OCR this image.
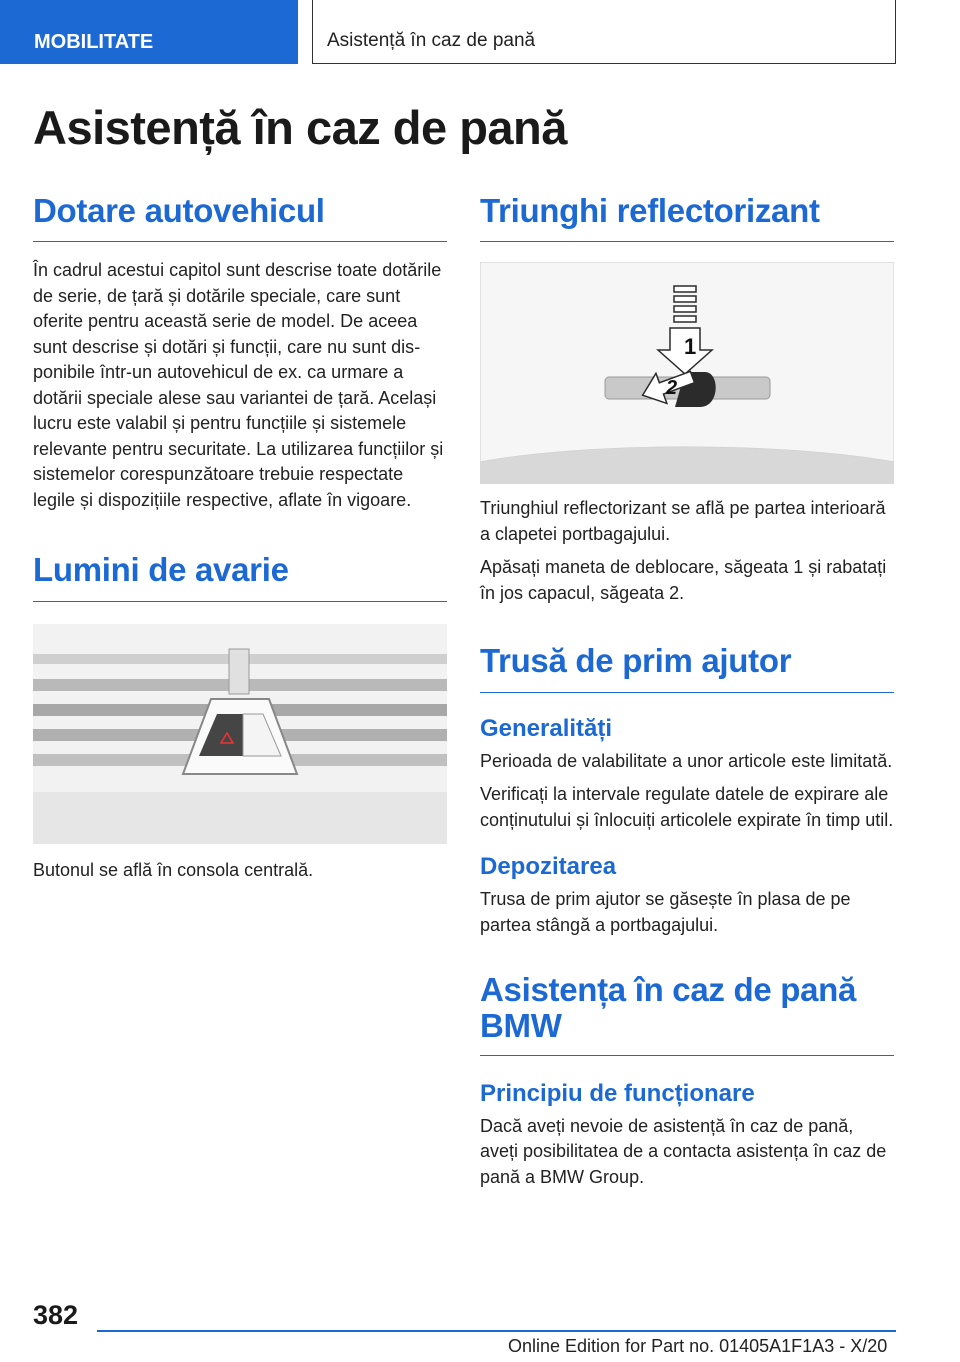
MOBILITATE	Asistență în caz de pană
Asistență în caz de pană
Dotare autovehicul

În cadrul acestui capitol sunt descrise toate dotările de serie, de țară și dotările speciale, care sunt oferite pentru această serie de model. De aceea sunt descrise și dotări și funcții, care nu sunt disponibile într-un autovehicul de ex. ca urmare a dotării speciale alese sau variantei de țară. Același lucru este valabil și pentru funcțiile și sistemele relevante pentru securitate. La utilizarea funcțiilor și sistemelor corespunzătoare trebuie respectate legile și dispozițiile respective, aflate în vigoare.

Lumini de avarie

Butonul se află în consola centrală.

Triunghi reflectorizant
1
2

Triunghiul reflectorizant se află pe partea interioară a clapetei portbagajului.

Apăsați maneta de deblocare, săgeata 1 și rabatați în jos capacul, săgeata 2.

Trusă de prim ajutor
Generalități

Perioada de valabilitate a unor articole este limitată.

Verificați la intervale regulate datele de expirare ale conținutului și înlocuiți articolele expirate în timp util.

Depozitarea

Trusa de prim ajutor se găsește în plasa de pe partea stângă a portbagajului.

Asistența în caz de pană BMW
Principiu de funcționare

Dacă aveți nevoie de asistență în caz de pană, aveți posibilitatea de a contacta asistența în caz de pană a BMW Group.

382
Online Edition for Part no. 01405A1F1A3 - X/20
